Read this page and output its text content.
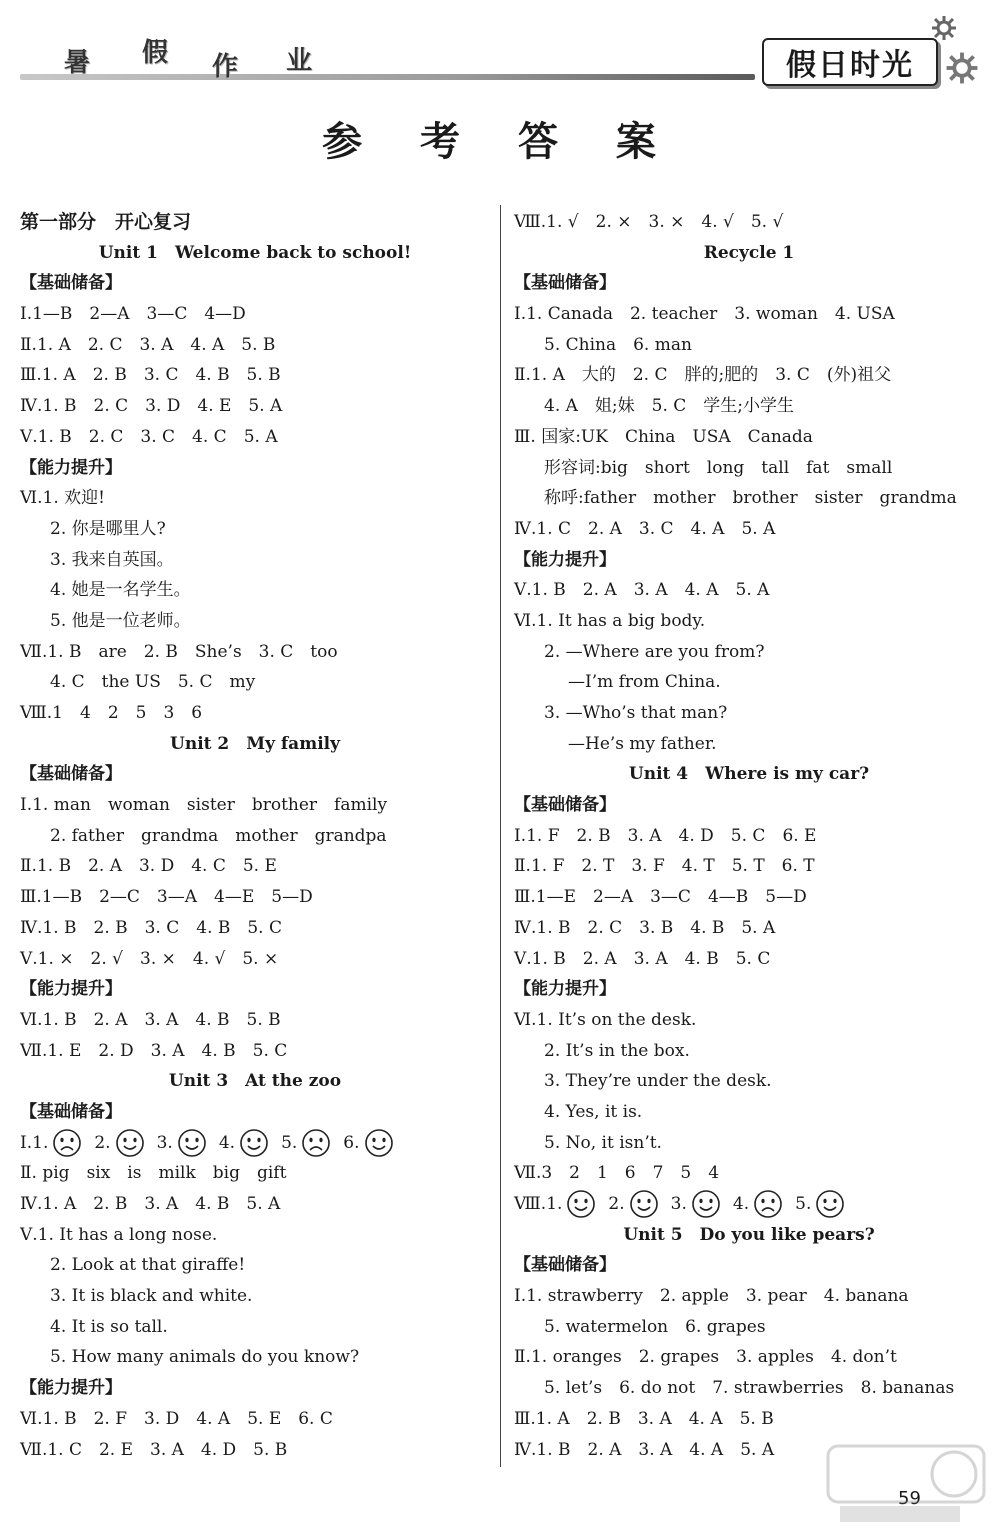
暑 假 作 业	假日时光
参 考 答 案
第一部分　开心复习
Unit 1　Welcome back to school!
【基础储备】
Ⅰ.1—B　2—A　3—C　4—D
Ⅱ.1. A　2. C　3. A　4. A　5. B
Ⅲ.1. A　2. B　3. C　4. B　5. B
Ⅳ.1. B　2. C　3. D　4. E　5. A
Ⅴ.1. B　2. C　3. C　4. C　5. A
【能力提升】
Ⅵ.1. 欢迎!
2. 你是哪里人?
3. 我来自英国。
4. 她是一名学生。
5. 他是一位老师。
Ⅶ.1. B　are　2. B　She’s　3. C　too
4. C　the US　5. C　my
Ⅷ.1　4　2　5　3　6
Unit 2　My family
【基础储备】
Ⅰ.1. man　woman　sister　brother　family
2. father　grandma　mother　grandpa
Ⅱ.1. B　2. A　3. D　4. C　5. E
Ⅲ.1—B　2—C　3—A　4—E　5—D
Ⅳ.1. B　2. B　3. C　4. B　5. C
Ⅴ.1. ×　2. √　3. ×　4. √　5. ×
【能力提升】
Ⅵ.1. B　2. A　3. A　4. B　5. B
Ⅶ.1. E　2. D　3. A　4. B　5. C
Unit 3　At the zoo
【基础储备】
Ⅰ. 1.	2.	3.	4.	5.	6.
Ⅱ. pig　six　is　milk　big　gift
Ⅳ.1. A　2. B　3. A　4. B　5. A
Ⅴ.1. It has a long nose.
2. Look at that giraffe!
3. It is black and white.
4. It is so tall.
5. How many animals do you know?
【能力提升】
Ⅵ.1. B　2. F　3. D　4. A　5. E　6. C
Ⅶ.1. C　2. E　3. A　4. D　5. B
Ⅷ.1. √　2. ×　3. ×　4. √　5. √
Recycle 1
【基础储备】
Ⅰ.1. Canada　2. teacher　3. woman　4. USA
5. China　6. man
Ⅱ.1. A　大的　2. C　胖的;肥的　3. C　(外)祖父
4. A　姐;妹　5. C　学生;小学生
Ⅲ. 国家:UK　China　USA　Canada
形容词:big　short　long　tall　fat　small
称呼:father　mother　brother　sister　grandma
Ⅳ.1. C　2. A　3. C　4. A　5. A
【能力提升】
Ⅴ.1. B　2. A　3. A　4. A　5. A
Ⅵ.1. It has a big body.
2. —Where are you from?
—I’m from China.
3. —Who’s that man?
—He’s my father.
Unit 4　Where is my car?
【基础储备】
Ⅰ.1. F　2. B　3. A　4. D　5. C　6. E
Ⅱ.1. F　2. T　3. F　4. T　5. T　6. T
Ⅲ.1—E　2—A　3—C　4—B　5—D
Ⅳ.1. B　2. C　3. B　4. B　5. A
Ⅴ.1. B　2. A　3. A　4. B　5. C
【能力提升】
Ⅵ.1. It’s on the desk.
2. It’s in the box.
3. They’re under the desk.
4. Yes, it is.
5. No, it isn’t.
Ⅶ.3　2　1　6　7　5　4
Ⅷ. 1.	2.	3.	4.	5.
Unit 5　Do you like pears?
【基础储备】
Ⅰ.1. strawberry　2. apple　3. pear　4. banana
5. watermelon　6. grapes
Ⅱ.1. oranges　2. grapes　3. apples　4. don’t
5. let’s　6. do not　7. strawberries　8. bananas
Ⅲ.1. A　2. B　3. A　4. A　5. B
Ⅳ.1. B　2. A　3. A　4. A　5. A
59
